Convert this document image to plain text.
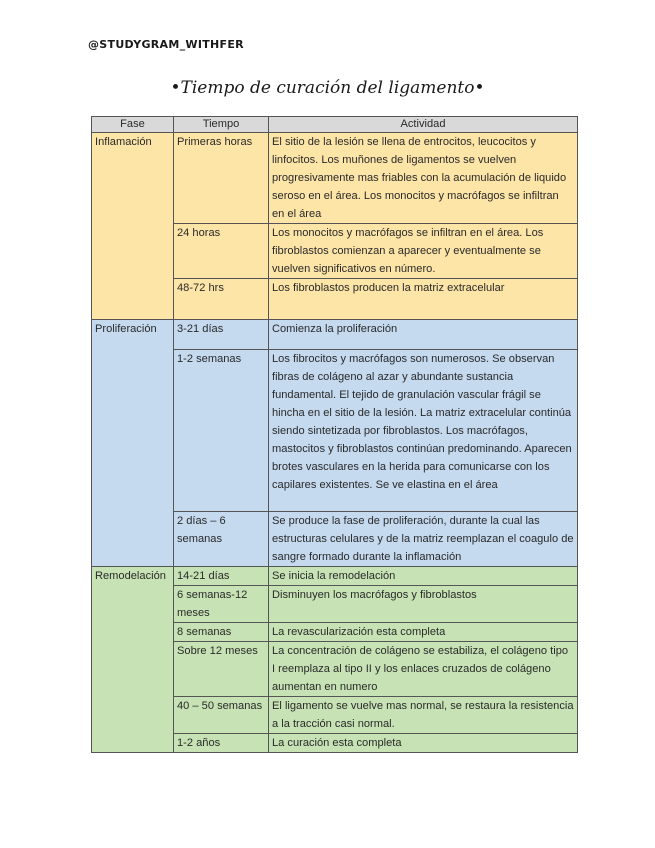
@STUDYGRAM_WITHFER
•Tiempo de curación del ligamento•
Fase	Tiempo	Actividad
Inflamación	Primeras horas	El sitio de la lesión se llena de entrocitos, leucocitos y linfocitos. Los muñones de ligamentos se vuelven progresivamente mas friables con la acumulación de liquido seroso en el área. Los monocitos y macrófagos se infiltran en el área
	24 horas	Los monocitos y macrófagos se infiltran en el área. Los fibroblastos comienzan a aparecer y eventualmente se vuelven significativos en número.
	48-72 hrs	Los fibroblastos producen la matriz extracelular
Proliferación	3-21 días	Comienza la proliferación
	1-2 semanas	Los fibrocitos y macrófagos son numerosos. Se observan fibras de colágeno al azar y abundante sustancia fundamental. El tejido de granulación vascular frágil se hincha en el sitio de la lesión. La matriz extracelular continúa siendo sintetizada por fibroblastos. Los macrófagos, mastocitos y fibroblastos continúan predominando. Aparecen brotes vasculares en la herida para comunicarse con los capilares existentes. Se ve elastina en el área
	2 días – 6 semanas	Se produce la fase de proliferación, durante la cual las estructuras celulares y de la matriz reemplazan el coagulo de sangre formado durante la inflamación
Remodelación	14-21 días	Se inicia la remodelación
	6 semanas-12 meses	Disminuyen los macrófagos y fibroblastos
	8 semanas	La revascularización esta completa
	Sobre 12 meses	La concentración de colágeno se estabiliza, el colágeno tipo I reemplaza al tipo II y los enlaces cruzados de colágeno aumentan en numero
	40 – 50 semanas	El ligamento se vuelve mas normal, se restaura la resistencia a la tracción casi normal.
	1-2 años	La curación esta completa
